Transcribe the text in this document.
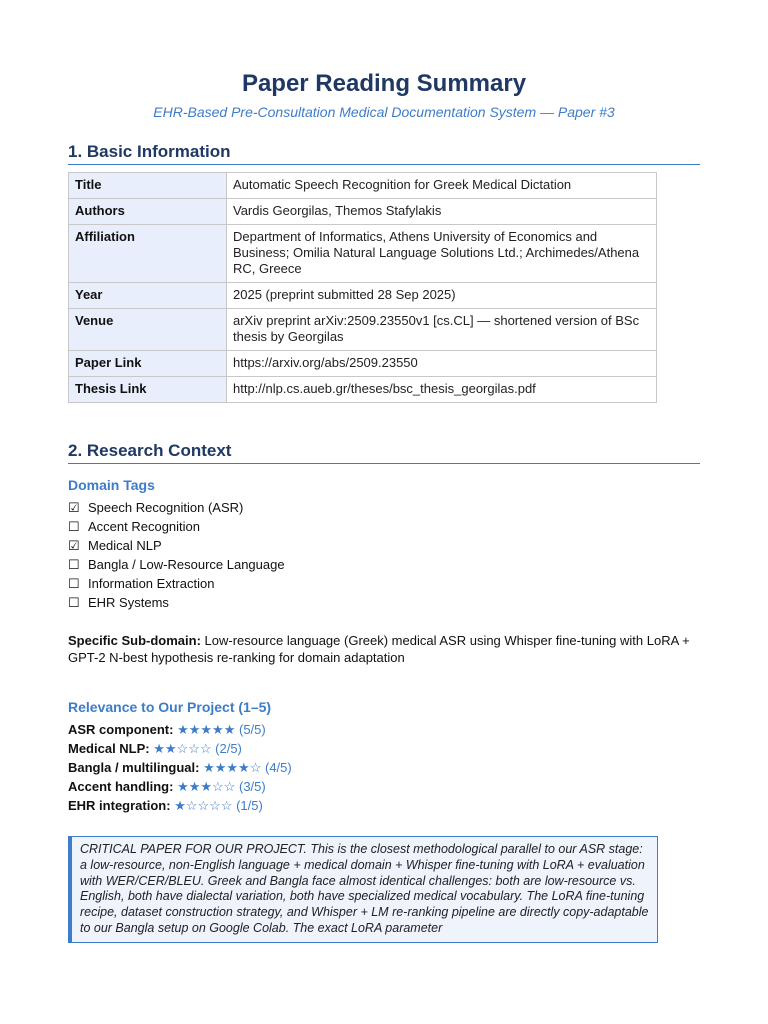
Paper Reading Summary
EHR-Based Pre-Consultation Medical Documentation System — Paper #3
1. Basic Information
Title	Automatic Speech Recognition for Greek Medical Dictation
Authors	Vardis Georgilas, Themos Stafylakis
Affiliation	Department of Informatics, Athens University of Economics and Business; Omilia Natural Language Solutions Ltd.; Archimedes/Athena RC, Greece
Year	2025 (preprint submitted 28 Sep 2025)
Venue	arXiv preprint arXiv:2509.23550v1 [cs.CL] — shortened version of BSc thesis by Georgilas
Paper Link	https://arxiv.org/abs/2509.23550
Thesis Link	http://nlp.cs.aueb.gr/theses/bsc_thesis_georgilas.pdf
2. Research Context
Domain Tags
☑ Speech Recognition (ASR)
☐ Accent Recognition
☑ Medical NLP
☐ Bangla / Low-Resource Language
☐ Information Extraction
☐ EHR Systems
Specific Sub-domain: Low-resource language (Greek) medical ASR using Whisper fine-tuning with LoRA + GPT-2 N-best hypothesis re-ranking for domain adaptation
Relevance to Our Project (1–5)
ASR component: ★★★★★ (5/5)
Medical NLP: ★★☆☆☆ (2/5)
Bangla / multilingual: ★★★★☆ (4/5)
Accent handling: ★★★☆☆ (3/5)
EHR integration: ★☆☆☆☆ (1/5)
CRITICAL PAPER FOR OUR PROJECT. This is the closest methodological parallel to our ASR stage: a low-resource, non-English language + medical domain + Whisper fine-tuning with LoRA + evaluation with WER/CER/BLEU. Greek and Bangla face almost identical challenges: both are low-resource vs. English, both have dialectal variation, both have specialized medical vocabulary. The LoRA fine-tuning recipe, dataset construction strategy, and Whisper + LM re-ranking pipeline are directly copy-adaptable to our Bangla setup on Google Colab. The exact LoRA parameter
